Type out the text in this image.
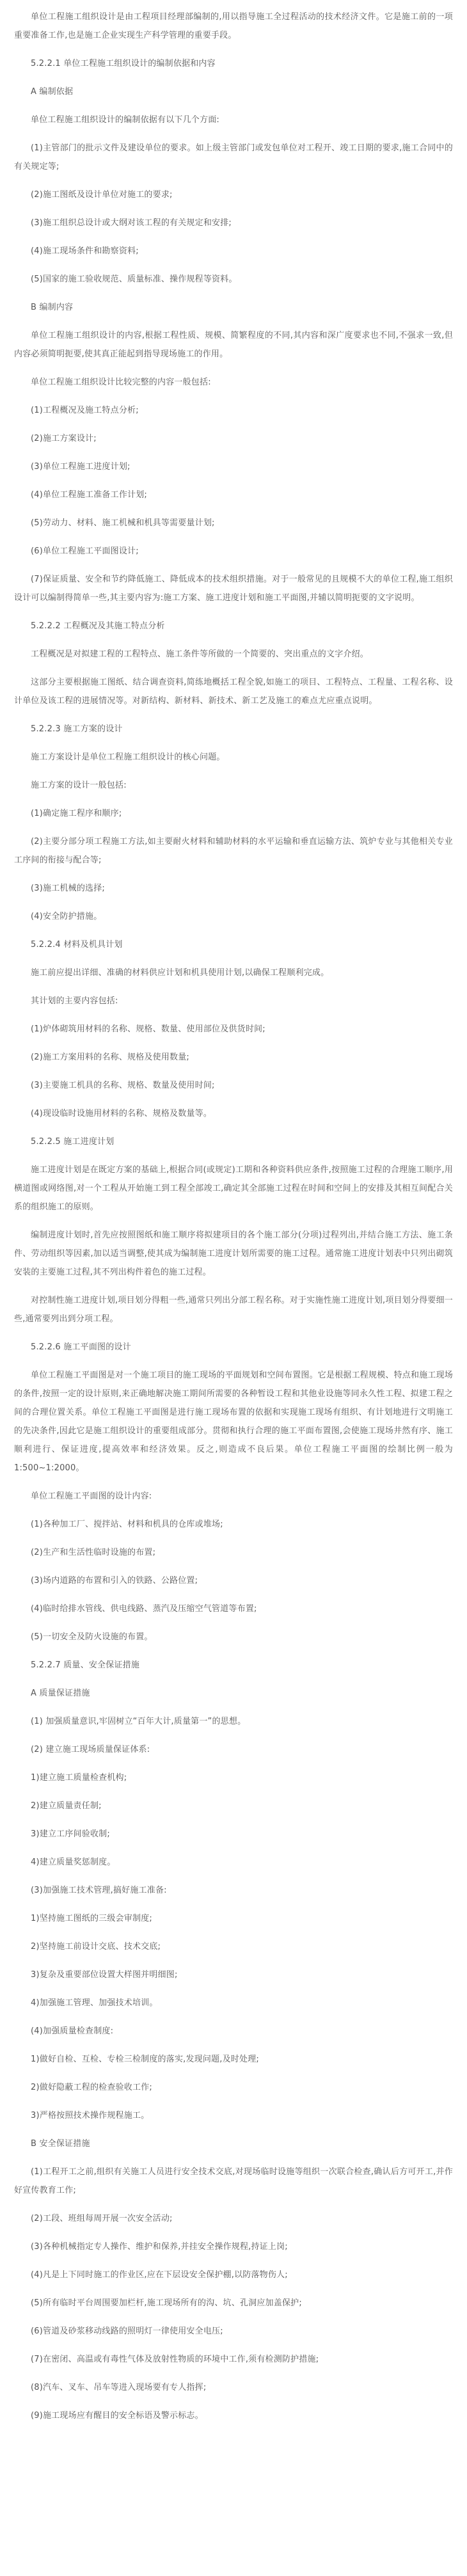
单位工程施工组织设计是由工程项目经理部编制的,用以指导施工全过程活动的技术经济文件。它是施工前的一项重要准备工作,也是施工企业实现生产科学管理的重要手段。

5.2.2.1 单位工程施工组织设计的编制依据和内容

A 编制依据

单位工程施工组织设计的编制依据有以下几个方面:

(1)主管部门的批示文件及建设单位的要求。如上级主管部门或发包单位对工程开、竣工日期的要求,施工合同中的有关规定等;

(2)施工图纸及设计单位对施工的要求;

(3)施工组织总设计或大纲对该工程的有关规定和安排;

(4)施工现场条件和勘察资料;

(5)国家的施工验收规范、质量标准、操作规程等资料。

B 编制内容

单位工程施工组织设计的内容,根据工程性质、规模、简繁程度的不同,其内容和深广度要求也不同,不强求一致,但内容必须简明扼要,使其真正能起到指导现场施工的作用。

单位工程施工组织设计比较完整的内容一般包括:

(1)工程概况及施工特点分析;

(2)施工方案设计;

(3)单位工程施工进度计划;

(4)单位工程施工准备工作计划;

(5)劳动力、材料、施工机械和机具等需要量计划;

(6)单位工程施工平面图设计;

(7)保证质量、安全和节约降低施工、降低成本的技术组织措施。对于一般常见的且规模不大的单位工程,施工组织设计可以编制得简单一些,其主要内容为:施工方案、施工进度计划和施工平面图,并辅以简明扼要的文字说明。

5.2.2.2 工程概况及其施工特点分析

工程概况是对拟建工程的工程特点、施工条件等所做的一个简要的、突出重点的文字介绍。

这部分主要根据施工图纸、结合调查资料,简练地概括工程全貌,如施工的项目、工程特点、工程量、工程名称、设计单位及该工程的进展情况等。对新结构、新材料、新技术、新工艺及施工的难点尤应重点说明。

5.2.2.3 施工方案的设计

施工方案设计是单位工程施工组织设计的核心问题。

施工方案的设计一般包括:

(1)确定施工程序和顺序;

(2)主要分部分项工程施工方法,如主要耐火材料和辅助材料的水平运输和垂直运输方法、筑炉专业与其他相关专业工序间的衔接与配合等;

(3)施工机械的选择;

(4)安全防护措施。

5.2.2.4 材料及机具计划

施工前应提出详细、准确的材料供应计划和机具使用计划,以确保工程顺利完成。

其计划的主要内容包括:

(1)炉体砌筑用材料的名称、规格、数量、使用部位及供货时间;

(2)施工方案用料的名称、规格及使用数量;

(3)主要施工机具的名称、规格、数量及使用时间;

(4)现设临时设施用材料的名称、规格及数量等。

5.2.2.5 施工进度计划

施工进度计划是在既定方案的基础上,根据合同(或规定)工期和各种资料供应条件,按照施工过程的合理施工顺序,用横道图或网络图,对一个工程从开始施工到工程全部竣工,确定其全部施工过程在时间和空间上的安排及其相互间配合关系的组织施工的原则。

编制进度计划时,首先应按照图纸和施工顺序将拟建项目的各个施工部分(分项)过程列出,并结合施工方法、施工条件、劳动组织等因素,加以适当调整,使其成为编制施工进度计划所需要的施工过程。通常施工进度计划表中只列出砌筑安装的主要施工过程,其不列出构件着色的施工过程。

对控制性施工进度计划,项目划分得粗一些,通常只列出分部工程名称。对于实施性施工进度计划,项目划分得要细一些,通常要列出到分项工程。

5.2.2.6 施工平面图的设计

单位工程施工平面图是对一个施工项目的施工现场的平面规划和空间布置图。它是根据工程规模、特点和施工现场的条件,按照一定的设计原则,来正确地解决施工期间所需要的各种暂设工程和其他业设施等同永久性工程、拟建工程之间的合理位置关系。单位工程施工平面图是进行施工现场布置的依据和实现施工现场有组织、有计划地进行文明施工的先决条件,因此它是施工组织设计的重要组成部分。贯彻和执行合理的施工平面布置图,会使施工现场井然有序、施工顺利进行、保证进度,提高效率和经济效果。反之,则造成不良后果。单位工程施工平面图的绘制比例一般为1:500~1:2000。

单位工程施工平面图的设计内容:

(1)各种加工厂、搅拌站、材料和机具的仓库或堆场;

(2)生产和生活性临时设施的布置;

(3)场内道路的布置和引入的铁路、公路位置;

(4)临时给排水管线、供电线路、蒸汽及压缩空气管道等布置;

(5)一切安全及防火设施的布置。

5.2.2.7 质量、安全保证措施

A 质量保证措施

(1) 加强质量意识,牢固树立“百年大计,质量第一”的思想。

(2) 建立施工现场质量保证体系:

1)建立施工质量检查机构;

2)建立质量责任制;

3)建立工序间验收制;

4)建立质量奖惩制度。

(3)加强施工技术管理,搞好施工准备:

1)坚持施工图纸的三级会审制度;

2)坚持施工前设计交底、技术交底;

3)复杂及重要部位设置大样图并明细图;

4)加强施工管理、加强技术培训。

(4)加强质量检查制度:

1)做好自检、互检、专检三检制度的落实,发现问题,及时处理;

2)做好隐蔽工程的检查验收工作;

3)严格按照技术操作规程施工。

B 安全保证措施

(1)工程开工之前,组织有关施工人员进行安全技术交底,对现场临时设施等组织一次联合检查,确认后方可开工,并作好宣传教育工作;

(2)工段、班组每周开展一次安全活动;

(3)各种机械指定专人操作、维护和保养,并挂安全操作规程,持证上岗;

(4)凡是上下同时施工的作业区,应在下层设安全保护棚,以防落物伤人;

(5)所有临时平台周围要加栏杆,施工现场所有的沟、坑、孔洞应加盖保护;

(6)管道及砂浆移动线路的照明灯一律使用安全电压;

(7)在密闭、高温或有毒性气体及放射性物质的环境中工作,须有检测防护措施;

(8)汽车、叉车、吊车等进入现场要有专人指挥;

(9)施工现场应有醒目的安全标语及警示标志。
